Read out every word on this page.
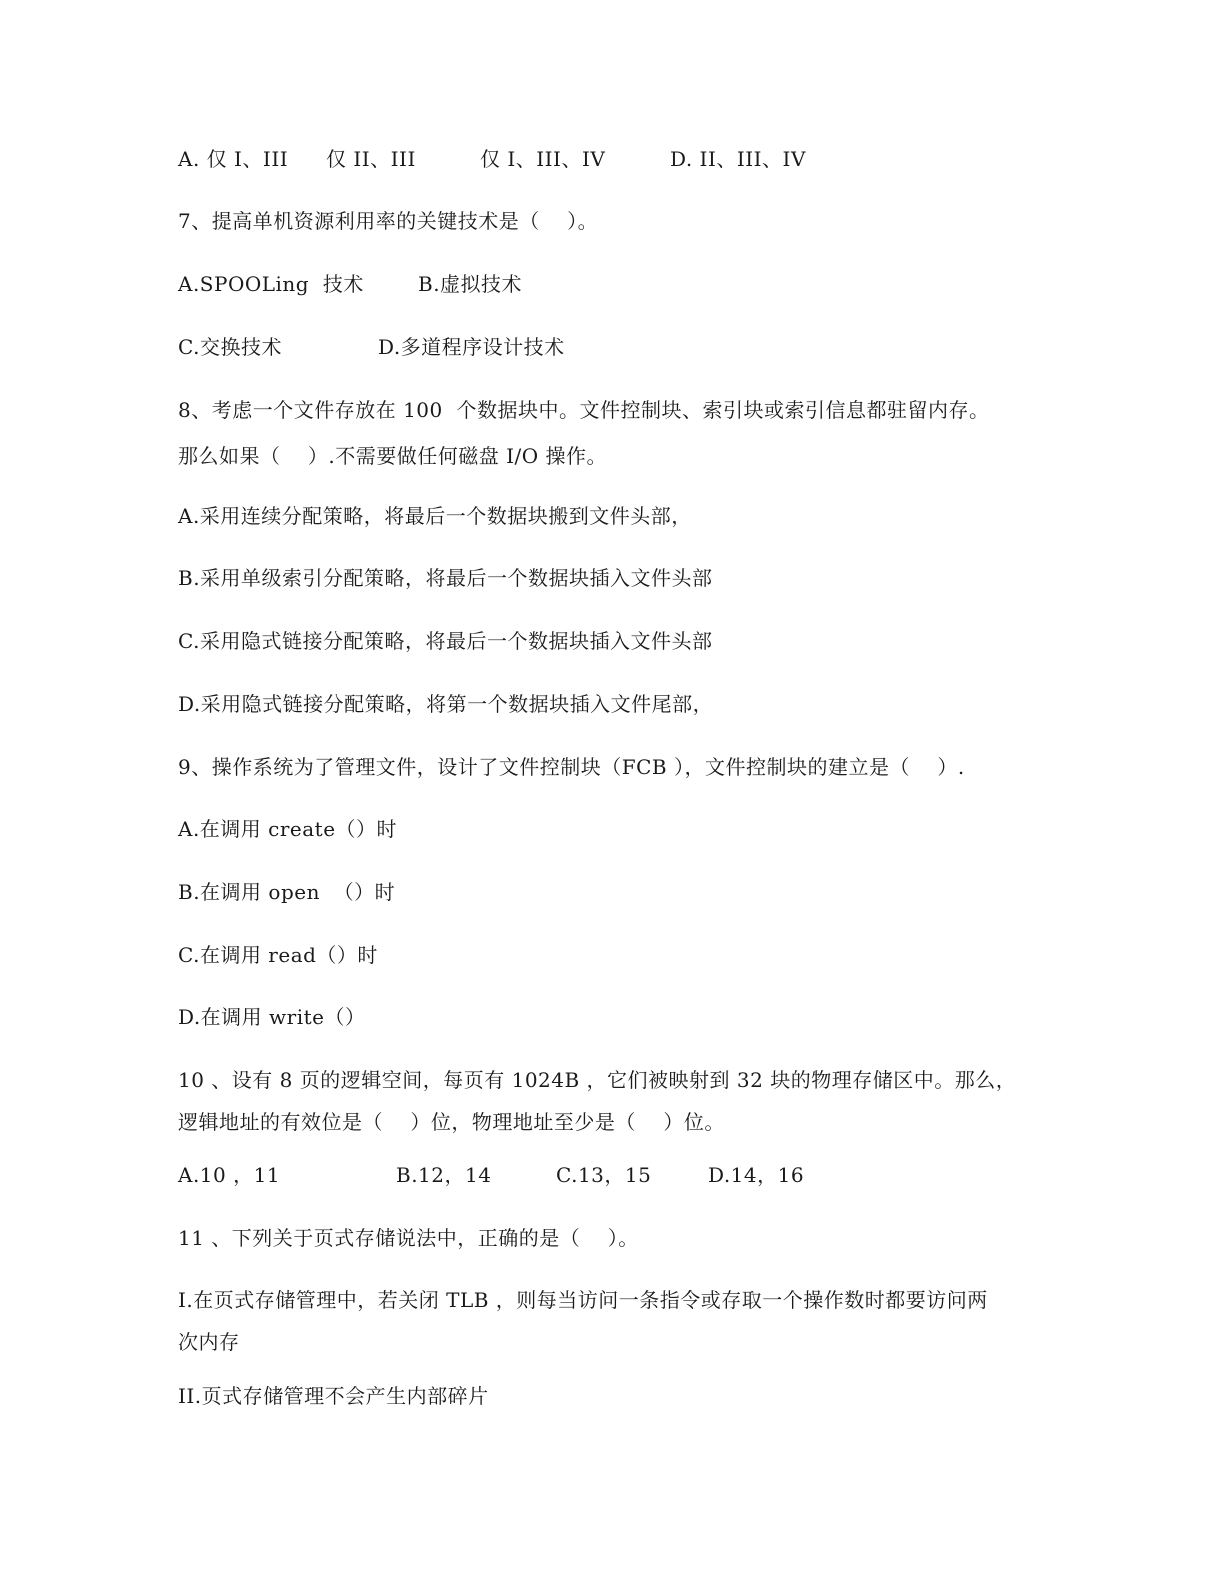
A. 仅 I、III 仅 II、III	仅 I、III、IV	D. II、III、IV
7、提高单机资源利用率的关键技术是（    ）。
A.SPOOLing  技术	B.虚拟技术
C.交换技术	D.多道程序设计技术
8、考虑一个文件存放在 100  个数据块中。文件控制块、索引块或索引信息都驻留内存。
那么如果（    ）.不需要做任何磁盘 I/O 操作。
A.采用连续分配策略，将最后一个数据块搬到文件头部，
B.采用单级索引分配策略，将最后一个数据块插入文件头部
C.采用隐式链接分配策略，将最后一个数据块插入文件头部
D.采用隐式链接分配策略，将第一个数据块插入文件尾部，
9、操作系统为了管理文件，设计了文件控制块（FCB ），文件控制块的建立是（    ）.
A.在调用 create（）时
B.在调用 open  （）时
C.在调用 read（）时
D.在调用 write（）
10 、设有 8 页的逻辑空间，每页有 1024B ，它们被映射到 32 块的物理存储区中。那么，
逻辑地址的有效位是（    ）位，物理地址至少是（    ）位。
A.10 ，11	B.12，14	C.13，15	D.14，16
11 、下列关于页式存储说法中，正确的是（    ）。
I.在页式存储管理中，若关闭 TLB ，则每当访问一条指令或存取一个操作数时都要访问两
次内存
II.页式存储管理不会产生内部碎片
